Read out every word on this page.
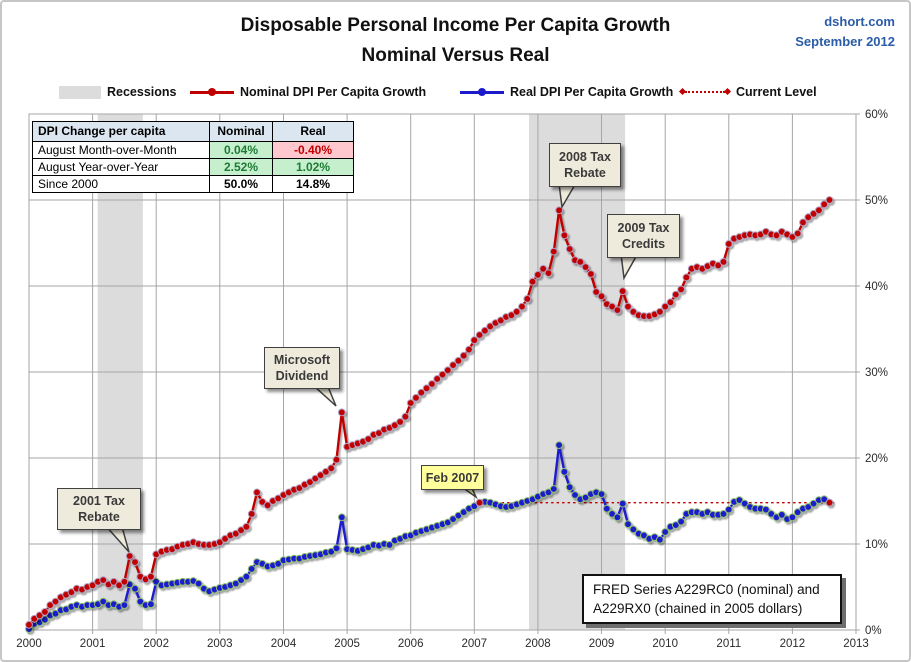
Disposable Personal Income Per Capita Growth
Nominal Versus Real
dshort.com
September 2012
Recessions	Nominal DPI Per Capita Growth	Real DPI Per Capita Growth	Current Level
0%
10%
20%
30%
40%
50%
60%
2000	2001	2002	2003	2004	2005	2006	2007	2008	2009	2010	2011	2012	2013
DPI Change per capita	Nominal	Real
August Month-over-Month	0.04%	-0.40%
August Year-over-Year	2.52%	1.02%
Since 2000	50.0%	14.8%
2001 Tax Rebate
Microsoft Dividend
Feb 2007
2008 Tax Rebate
2009 Tax Credits
FRED Series A229RC0 (nominal) and
A229RX0 (chained in 2005 dollars)
